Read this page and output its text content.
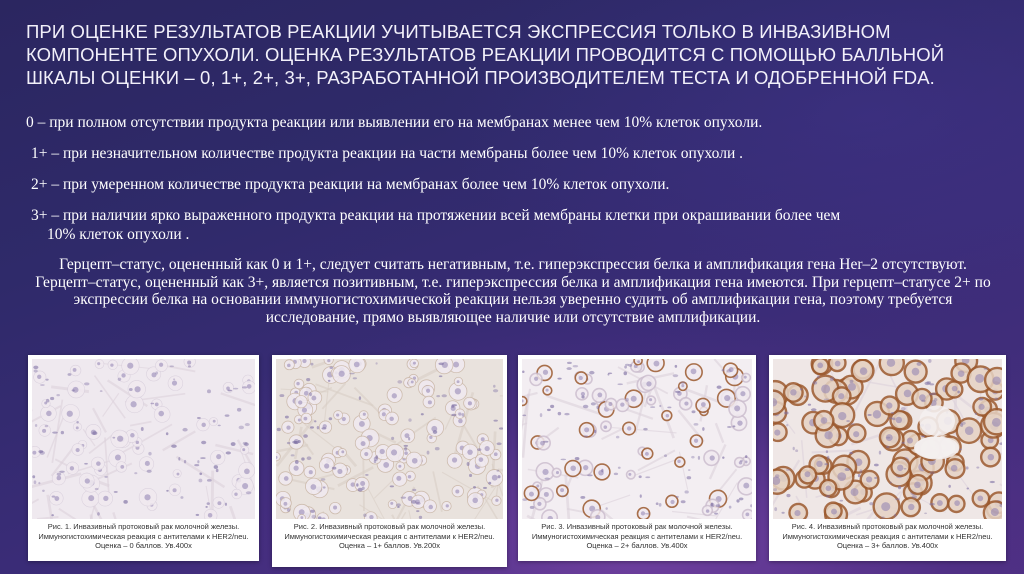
ПРИ ОЦЕНКЕ РЕЗУЛЬТАТОВ РЕАКЦИИ УЧИТЫВАЕТСЯ ЭКСПРЕССИЯ ТОЛЬКО В ИНВАЗИВНОМ КОМПОНЕНТЕ ОПУХОЛИ. ОЦЕНКА РЕЗУЛЬТАТОВ РЕАКЦИИ ПРОВОДИТСЯ С ПОМОЩЬЮ БАЛЛЬНОЙ ШКАЛЫ ОЦЕНКИ – 0, 1+, 2+, 3+, РАЗРАБОТАННОЙ ПРОИЗВОДИТЕЛЕМ ТЕСТА И ОДОБРЕННОЙ FDA.

0 – при полном отсутствии продукта реакции или выявлении его на мембранах менее чем 10% клеток опухоли.

1+ – при незначительном количестве продукта реакции на части мембраны более чем 10% клеток опухоли .

2+ – при умеренном количестве продукта реакции на мембранах более чем 10% клеток опухоли.

3+ – при наличии ярко выраженного продукта реакции на протяжении всей мембраны клетки при окрашивании более чем
10% клеток опухоли .

Герцепт–статус, оцененный как 0 и 1+, следует считать негативным, т.е. гиперэкспрессия белка и амплификация гена Her–2 отсутствуют. Герцепт–статус, оцененный как 3+, является позитивным, т.е. гиперэкспрессия белка и амплификация гена имеются. При герцепт–статусе 2+ по экспрессии белка на основании иммуногистохимической реакции нельзя уверенно судить об амплификации гена, поэтому требуется исследование, прямо выявляющее наличие или отсутствие амплификации.

Рис. 1. Инвазивный протоковый рак молочной железы.
Иммуногистохимическая реакция с антителами к HER2/neu.
Оценка – 0 баллов. Ув.400х
Рис. 2. Инвазивный протоковый рак молочной железы.
Иммуногистохимическая реакция с антителами к HER2/neu.
Оценка – 1+ баллов. Ув.200х
Рис. 3. Инвазивный протоковый рак молочной железы.
Иммуногистохимическая реакция с антителами к HER2/neu.
Оценка – 2+ баллов. Ув.400х
Рис. 4. Инвазивный протоковый рак молочной железы.
Иммуногистохимическая реакция с антителами к HER2/neu.
Оценка – 3+ баллов. Ув.400х
